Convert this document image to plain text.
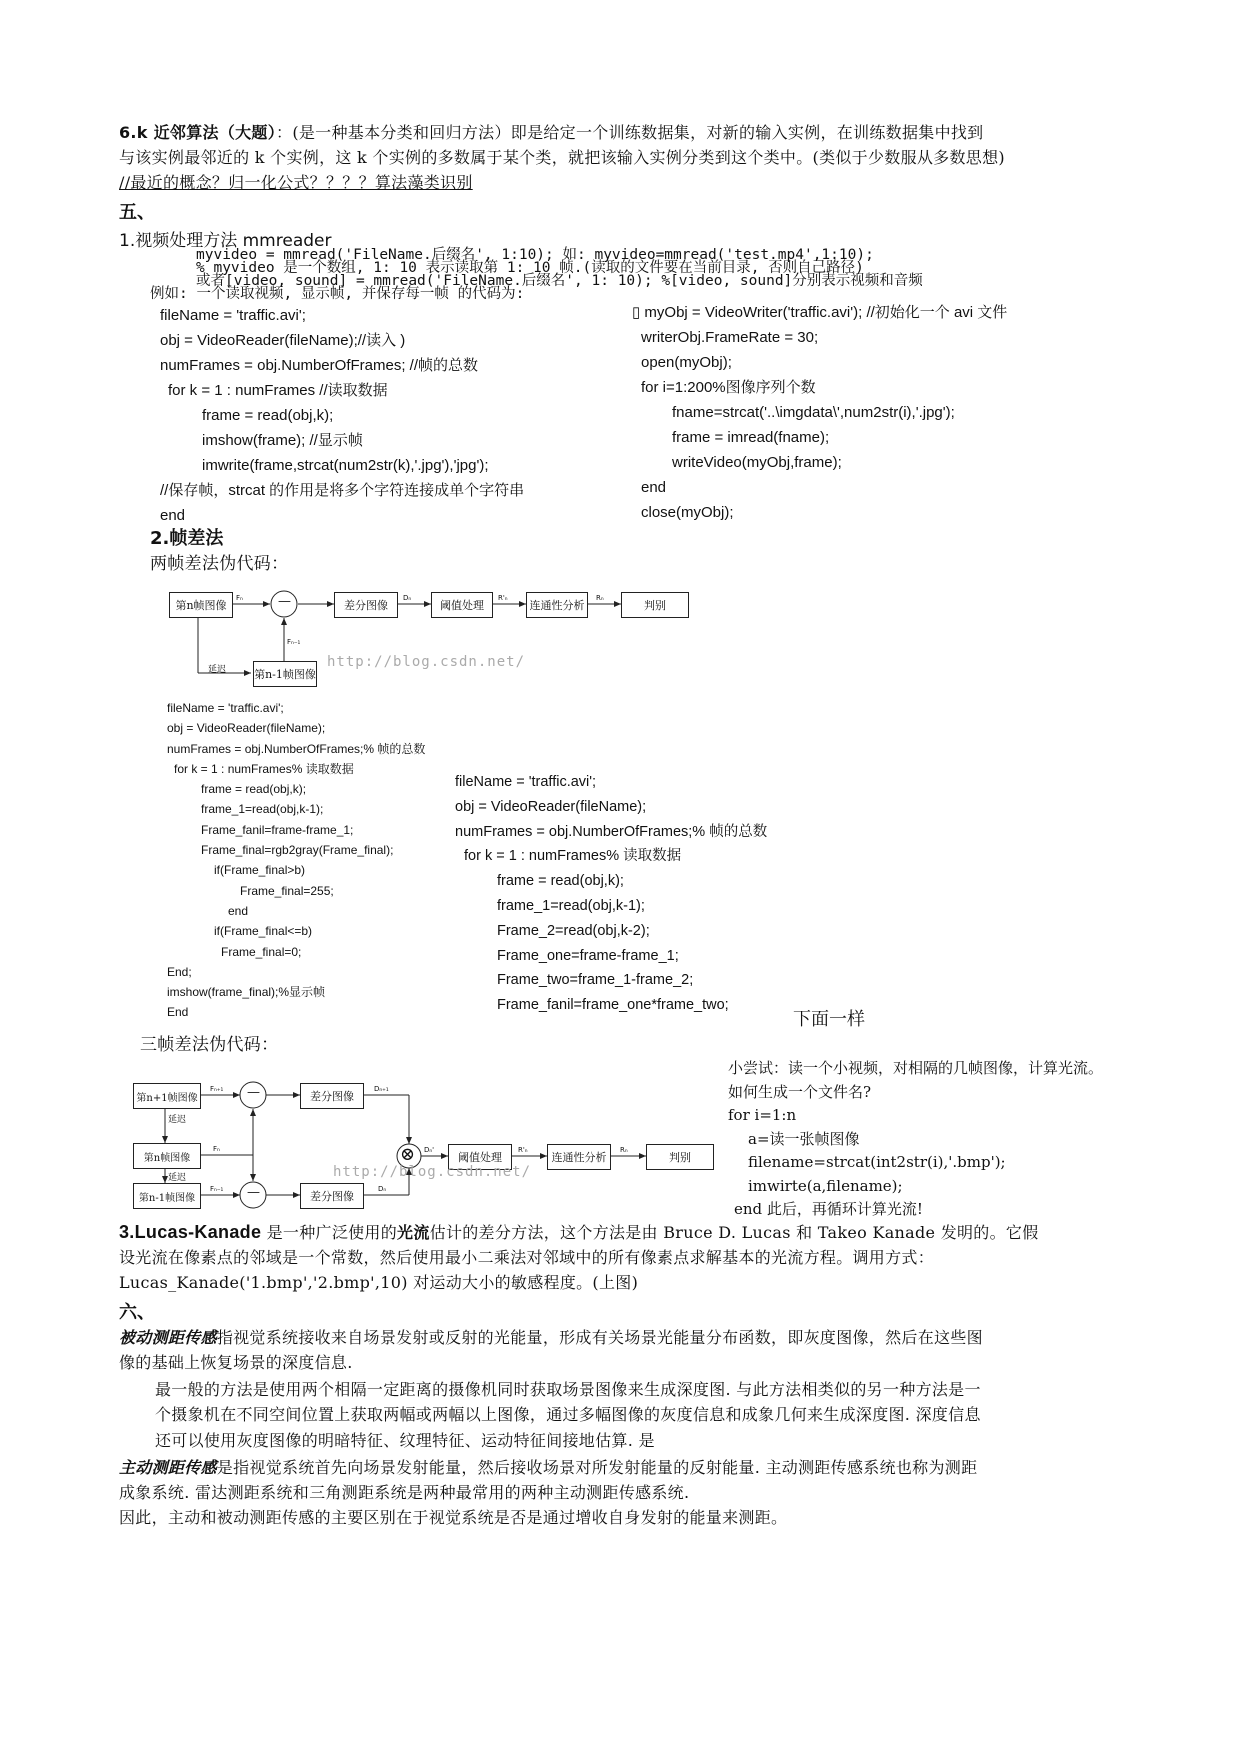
6.k 近邻算法（大题）：(是一种基本分类和回归方法）即是给定一个训练数据集，对新的输入实例，在训练数据集中找到
与该实例最邻近的 k 个实例，这 k 个实例的多数属于某个类，就把该输入实例分类到这个类中。(类似于少数服从多数思想)
//最近的概念？归一化公式？？？？算法藻类识别
五、
1.视频处理方法 mmreader
myvideo = mmread('FileName.后缀名', 1:10); 如: myvideo=mmread('test.mp4',1:10);
% myvideo 是一个数组, 1: 10 表示读取第 1: 10 帧.(读取的文件要在当前目录, 否则自己路径)
或者[video, sound] = mmread('FileName.后缀名', 1: 10); %[video, sound]分别表示视频和音频
例如: 一个读取视频, 显示帧, 并保存每一帧 的代码为:
fileName = 'traffic.avi';
obj = VideoReader(fileName);//读入 )
numFrames = obj.NumberOfFrames; //帧的总数
for k = 1 : numFrames //读取数据
frame = read(obj,k);
imshow(frame); //显示帧
imwrite(frame,strcat(num2str(k),'.jpg'),'jpg');
//保存帧，strcat 的作用是将多个字符连接成单个字符串
end
▯ myObj = VideoWriter('traffic.avi'); //初始化一个 avi 文件
writerObj.FrameRate = 30;
open(myObj);
for i=1:200%图像序列个数
fname=strcat('..\imgdata\',num2str(i),'.jpg');
frame = imread(fname);
writeVideo(myObj,frame);
end
close(myObj);
2.帧差法
两帧差法伪代码：
—
第n帧图像	差分图像	阈值处理	连通性分析	判别
第n-1帧图像
Fₙ
Fₙ₋₁
Dₙ	R'ₙ	Rₙ
延迟	http://blog.csdn.net/
fileName = 'traffic.avi';
obj = VideoReader(fileName);
numFrames = obj.NumberOfFrames;% 帧的总数
for k = 1 : numFrames% 读取数据
frame = read(obj,k);
frame_1=read(obj,k-1);
Frame_fanil=frame-frame_1;
Frame_final=rgb2gray(Frame_final);
if(Frame_final>b)
Frame_final=255;
end
if(Frame_final<=b)
Frame_final=0;
End;
imshow(frame_final);%显示帧
End
fileName = 'traffic.avi';
obj = VideoReader(fileName);
numFrames = obj.NumberOfFrames;% 帧的总数
for k = 1 : numFrames% 读取数据
frame = read(obj,k);
frame_1=read(obj,k-1);
Frame_2=read(obj,k-2);
Frame_one=frame-frame_1;
Frame_two=frame_1-frame_2;
Frame_fanil=frame_one*frame_two;
下面一样
三帧差法伪代码：
—
—
⊗
第n+1帧图像
第n帧图像
第n-1帧图像
差分图像
差分图像
阈值处理	连通性分析	判别
延迟
延迟
Fₙ₊₁
Fₙ
Fₙ₋₁
Dₙ₊₁
Dₙ
Dₙ'	R'ₙ	Rₙ
http://blog.csdn.net/
小尝试：读一个小视频，对相隔的几帧图像，计算光流。
如何生成一个文件名?
for i=1:n
a=读一张帧图像
filename=strcat(int2str(i),'.bmp');
imwirte(a,filename);
end 此后，再循环计算光流!
3.Lucas-Kanade 是一种广泛使用的光流估计的差分方法，这个方法是由 Bruce D. Lucas 和 Takeo Kanade 发明的。它假
设光流在像素点的邻域是一个常数，然后使用最小二乘法对邻域中的所有像素点求解基本的光流方程。调用方式：
Lucas_Kanade('1.bmp','2.bmp',10) 对运动大小的敏感程度。(上图)
六、
被动测距传感指视觉系统接收来自场景发射或反射的光能量，形成有关场景光能量分布函数，即灰度图像，然后在这些图
像的基础上恢复场景的深度信息.
最一般的方法是使用两个相隔一定距离的摄像机同时获取场景图像来生成深度图. 与此方法相类似的另一种方法是一
个摄象机在不同空间位置上获取两幅或两幅以上图像，通过多幅图像的灰度信息和成象几何来生成深度图. 深度信息
还可以使用灰度图像的明暗特征、纹理特征、运动特征间接地估算. 是
主动测距传感是指视觉系统首先向场景发射能量，然后接收场景对所发射能量的反射能量. 主动测距传感系统也称为测距
成象系统. 雷达测距系统和三角测距系统是两种最常用的两种主动测距传感系统.
因此，主动和被动测距传感的主要区别在于视觉系统是否是通过增收自身发射的能量来测距。
